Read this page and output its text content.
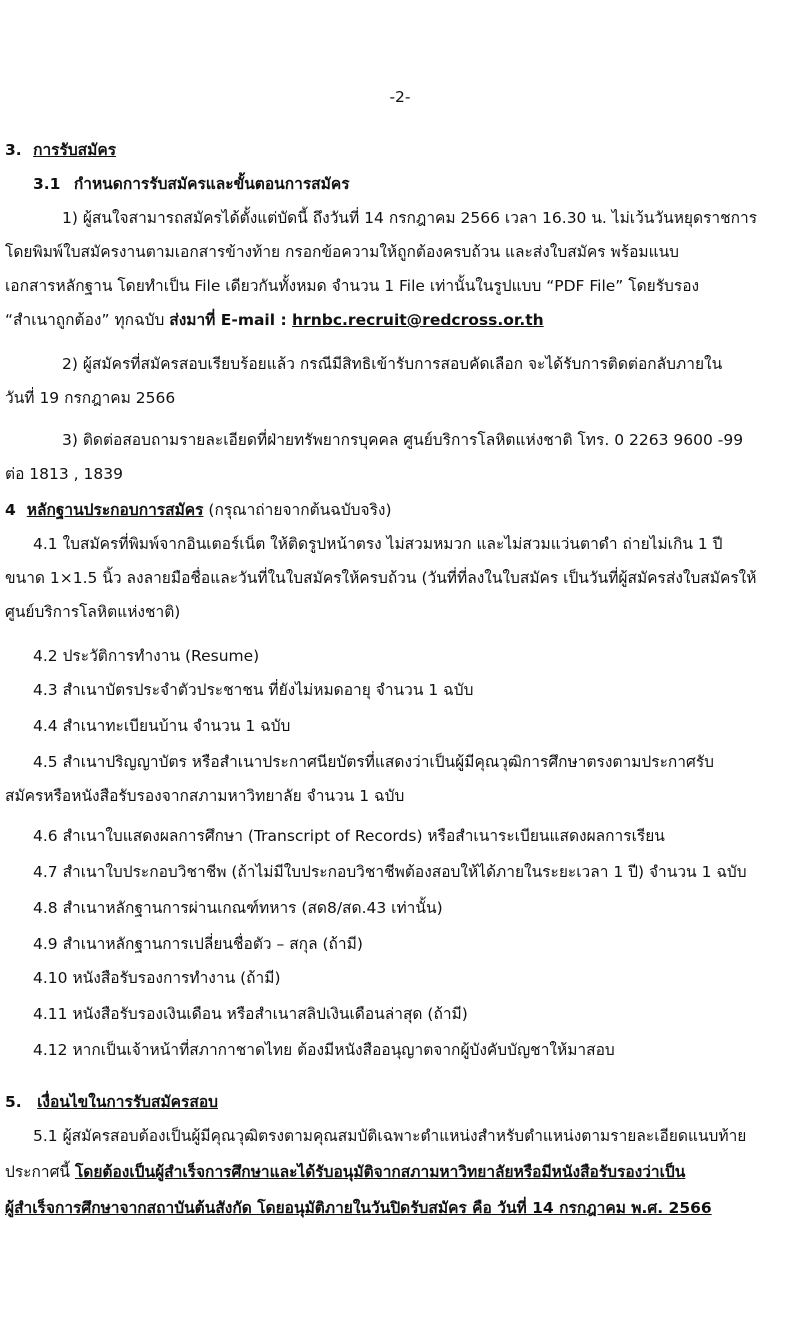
-2-
3. การรับสมัคร
3.1 กำหนดการรับสมัครและขั้นตอนการสมัคร
1) ผู้สนใจสามารถสมัครได้ตั้งแต่บัดนี้ ถึงวันที่ 14 กรกฎาคม 2566 เวลา 16.30 น. ไม่เว้นวันหยุดราชการ
โดยพิมพ์ใบสมัครงานตามเอกสารข้างท้าย กรอกข้อความให้ถูกต้องครบถ้วน และส่งใบสมัคร พร้อมแนบ
เอกสารหลักฐาน โดยทำเป็น File เดียวกันทั้งหมด จำนวน 1 File เท่านั้นในรูปแบบ “PDF File” โดยรับรอง
“สำเนาถูกต้อง” ทุกฉบับ ส่งมาที่ E-mail : hrnbc.recruit@redcross.or.th
2) ผู้สมัครที่สมัครสอบเรียบร้อยแล้ว กรณีมีสิทธิเข้ารับการสอบคัดเลือก จะได้รับการติดต่อกลับภายใน
วันที่ 19 กรกฎาคม 2566
3) ติดต่อสอบถามรายละเอียดที่ฝ่ายทรัพยากรบุคคล ศูนย์บริการโลหิตแห่งชาติ โทร. 0 2263 9600 -99
ต่อ 1813 , 1839
4 หลักฐานประกอบการสมัคร (กรุณาถ่ายจากต้นฉบับจริง)
4.1 ใบสมัครที่พิมพ์จากอินเตอร์เน็ต ให้ติดรูปหน้าตรง ไม่สวมหมวก และไม่สวมแว่นตาดำ ถ่ายไม่เกิน 1 ปี
ขนาด 1×1.5 นิ้ว ลงลายมือชื่อและวันที่ในใบสมัครให้ครบถ้วน (วันที่ที่ลงในใบสมัคร เป็นวันที่ผู้สมัครส่งใบสมัครให้
ศูนย์บริการโลหิตแห่งชาติ)
4.2 ประวัติการทำงาน (Resume)
4.3 สำเนาบัตรประจำตัวประชาชน ที่ยังไม่หมดอายุ จำนวน 1 ฉบับ
4.4 สำเนาทะเบียนบ้าน จำนวน 1 ฉบับ
4.5 สำเนาปริญญาบัตร หรือสำเนาประกาศนียบัตรที่แสดงว่าเป็นผู้มีคุณวุฒิการศึกษาตรงตามประกาศรับ
สมัครหรือหนังสือรับรองจากสภามหาวิทยาลัย จำนวน 1 ฉบับ
4.6 สำเนาใบแสดงผลการศึกษา (Transcript of Records) หรือสำเนาระเบียนแสดงผลการเรียน
4.7 สำเนาใบประกอบวิชาชีพ (ถ้าไม่มีใบประกอบวิชาชีพต้องสอบให้ได้ภายในระยะเวลา 1 ปี) จำนวน 1 ฉบับ
4.8 สำเนาหลักฐานการผ่านเกณฑ์ทหาร (สด8/สด.43 เท่านั้น)
4.9 สำเนาหลักฐานการเปลี่ยนชื่อตัว – สกุล (ถ้ามี)
4.10 หนังสือรับรองการทำงาน (ถ้ามี)
4.11 หนังสือรับรองเงินเดือน หรือสำเนาสลิปเงินเดือนล่าสุด (ถ้ามี)
4.12 หากเป็นเจ้าหน้าที่สภากาชาดไทย ต้องมีหนังสืออนุญาตจากผู้บังคับบัญชาให้มาสอบ
5. เงื่อนไขในการรับสมัครสอบ
5.1 ผู้สมัครสอบต้องเป็นผู้มีคุณวุฒิตรงตามคุณสมบัติเฉพาะตำแหน่งสำหรับตำแหน่งตามรายละเอียดแนบท้าย
ประกาศนี้ โดยต้องเป็นผู้สำเร็จการศึกษาและได้รับอนุมัติจากสภามหาวิทยาลัยหรือมีหนังสือรับรองว่าเป็น
ผู้สำเร็จการศึกษาจากสถาบันต้นสังกัด โดยอนุมัติภายในวันปิดรับสมัคร คือ วันที่ 14 กรกฎาคม พ.ศ. 2566
